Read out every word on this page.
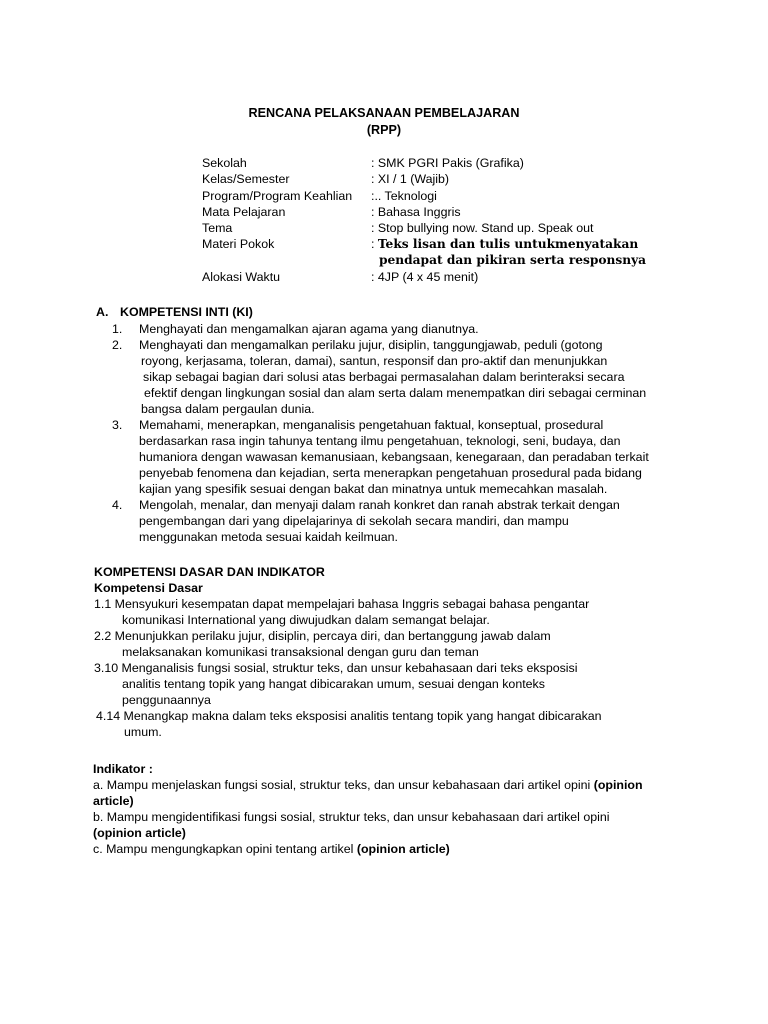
RENCANA PELAKSANAAN PEMBELAJARAN
(RPP)
Sekolah	: SMK PGRI Pakis (Grafika)
Kelas/Semester	: XI / 1 (Wajib)
Program/Program Keahlian :.. Teknologi
Mata Pelajaran	: Bahasa Inggris
Tema	: Stop bullying now. Stand up. Speak out
Materi Pokok	: Teks lisan dan tulis untukmenyatakan
pendapat dan pikiran serta responsnya
Alokasi Waktu	: 4JP (4 x 45 menit)
A. KOMPETENSI INTI (KI)
1. Menghayati dan mengamalkan ajaran agama yang dianutnya.
2. Menghayati dan mengamalkan perilaku jujur, disiplin, tanggungjawab, peduli (gotong
royong, kerjasama, toleran, damai), santun, responsif dan pro-aktif dan menunjukkan
sikap sebagai bagian dari solusi atas berbagai permasalahan dalam berinteraksi secara
efektif dengan lingkungan sosial dan alam serta dalam menempatkan diri sebagai cerminan
bangsa dalam pergaulan dunia.
3. Memahami, menerapkan, menganalisis pengetahuan faktual, konseptual, prosedural
berdasarkan rasa ingin tahunya tentang ilmu pengetahuan, teknologi, seni, budaya, dan
humaniora dengan wawasan kemanusiaan, kebangsaan, kenegaraan, dan peradaban terkait
penyebab fenomena dan kejadian, serta menerapkan pengetahuan prosedural pada bidang
kajian yang spesifik sesuai dengan bakat dan minatnya untuk memecahkan masalah.
4. Mengolah, menalar, dan menyaji dalam ranah konkret dan ranah abstrak terkait dengan
pengembangan dari yang dipelajarinya di sekolah secara mandiri, dan mampu
menggunakan metoda sesuai kaidah keilmuan.
KOMPETENSI DASAR DAN INDIKATOR
Kompetensi Dasar
1.1 Mensyukuri kesempatan dapat mempelajari bahasa Inggris sebagai bahasa pengantar
komunikasi International yang diwujudkan dalam semangat belajar.
2.2 Menunjukkan perilaku jujur, disiplin, percaya diri, dan bertanggung jawab dalam
melaksanakan komunikasi transaksional dengan guru dan teman
3.10 Menganalisis fungsi sosial, struktur teks, dan unsur kebahasaan dari teks eksposisi
analitis tentang topik yang hangat dibicarakan umum, sesuai dengan konteks
penggunaannya
4.14 Menangkap makna dalam teks eksposisi analitis tentang topik yang hangat dibicarakan
umum.
Indikator :
a. Mampu menjelaskan fungsi sosial, struktur teks, dan unsur kebahasaan dari artikel opini (opinion
article)
b. Mampu mengidentifikasi fungsi sosial, struktur teks, dan unsur kebahasaan dari artikel opini
(opinion article)
c. Mampu mengungkapkan opini tentang artikel (opinion article)
